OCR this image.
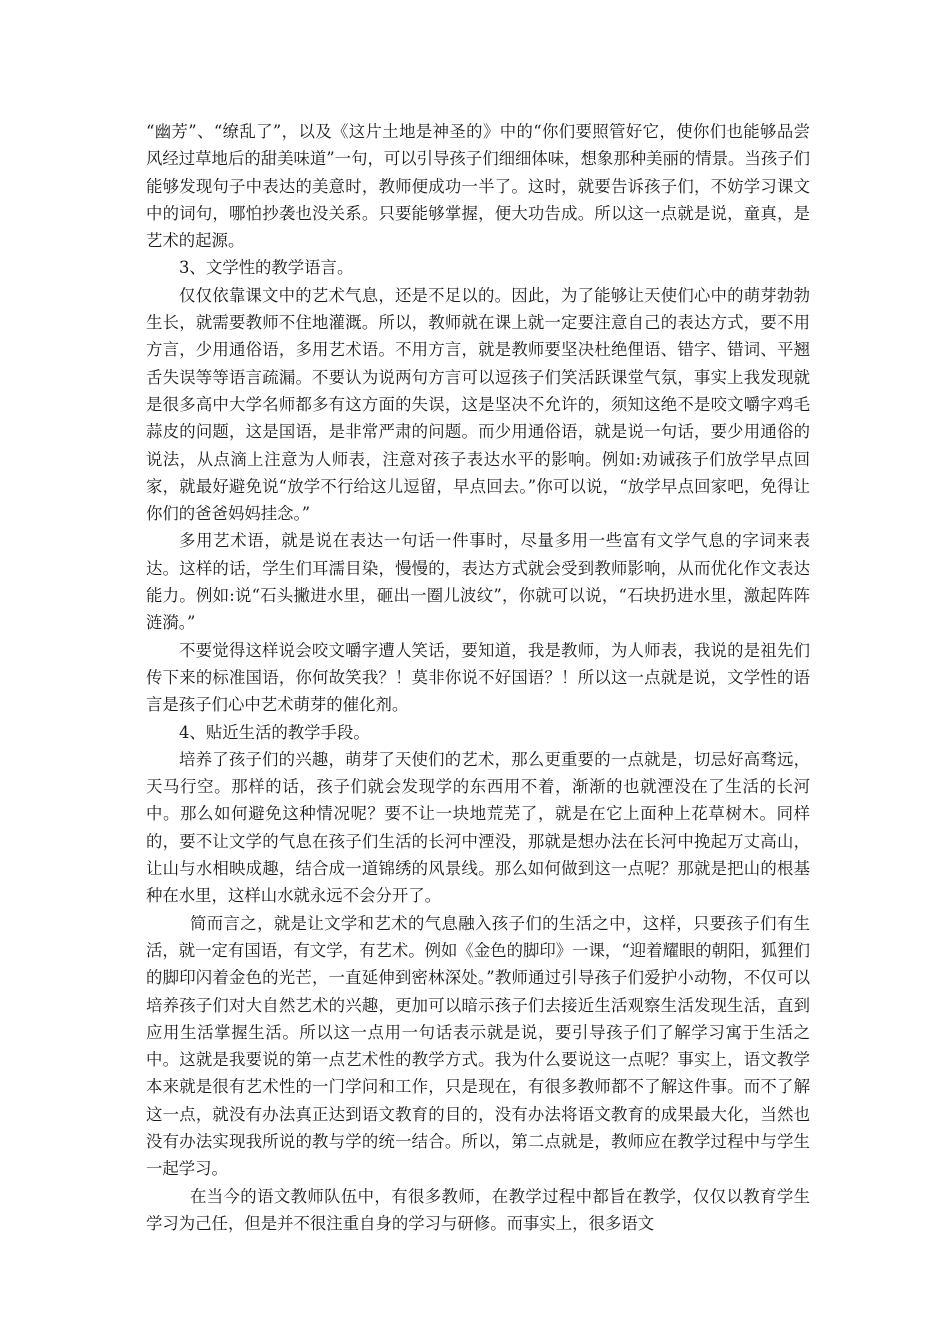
“幽芳”、“缭乱了”，以及《这片土地是神圣的》中的“你们要照管好它，使你们也能够品尝风经过草地后的甜美味道”一句，可以引导孩子们细细体味，想象那种美丽的情景。当孩子们能够发现句子中表达的美意时，教师便成功一半了。这时，就要告诉孩子们，不妨学习课文中的词句，哪怕抄袭也没关系。只要能够掌握，便大功告成。所以这一点就是说，童真，是艺术的起源。

3、文学性的教学语言。

仅仅依靠课文中的艺术气息，还是不足以的。因此，为了能够让天使们心中的萌芽勃勃生长，就需要教师不住地灌溉。所以，教师就在课上就一定要注意自己的表达方式，要不用方言，少用通俗语，多用艺术语。不用方言，就是教师要坚决杜绝俚语、错字、错词、平翘舌失误等等语言疏漏。不要认为说两句方言可以逗孩子们笑活跃课堂气氛，事实上我发现就是很多高中大学名师都多有这方面的失误，这是坚决不允许的，须知这绝不是咬文嚼字鸡毛蒜皮的问题，这是国语，是非常严肃的问题。而少用通俗语，就是说一句话，要少用通俗的说法，从点滴上注意为人师表，注意对孩子表达水平的影响。例如:劝诫孩子们放学早点回家，就最好避免说“放学不行给这儿逗留，早点回去。”你可以说，“放学早点回家吧，免得让你们的爸爸妈妈挂念。”

多用艺术语，就是说在表达一句话一件事时，尽量多用一些富有文学气息的字词来表达。这样的话，学生们耳濡目染，慢慢的，表达方式就会受到教师影响，从而优化作文表达能力。例如:说“石头撇进水里，砸出一圈儿波纹”，你就可以说，“石块扔进水里，激起阵阵涟漪。”

不要觉得这样说会咬文嚼字遭人笑话，要知道，我是教师，为人师表，我说的是祖先们传下来的标准国语，你何故笑我？！莫非你说不好国语？！所以这一点就是说，文学性的语言是孩子们心中艺术萌芽的催化剂。

4、贴近生活的教学手段。

培养了孩子们的兴趣，萌芽了天使们的艺术，那么更重要的一点就是，切忌好高骛远，天马行空。那样的话，孩子们就会发现学的东西用不着，渐渐的也就湮没在了生活的长河中。那么如何避免这种情况呢？要不让一块地荒芜了，就是在它上面种上花草树木。同样的，要不让文学的气息在孩子们生活的长河中湮没，那就是想办法在长河中挽起万丈高山，让山与水相映成趣，结合成一道锦绣的风景线。那么如何做到这一点呢？那就是把山的根基种在水里，这样山水就永远不会分开了。

简而言之，就是让文学和艺术的气息融入孩子们的生活之中，这样，只要孩子们有生活，就一定有国语，有文学，有艺术。例如《金色的脚印》一课，“迎着耀眼的朝阳，狐狸们的脚印闪着金色的光芒，一直延伸到密林深处。”教师通过引导孩子们爱护小动物，不仅可以培养孩子们对大自然艺术的兴趣，更加可以暗示孩子们去接近生活观察生活发现生活，直到应用生活掌握生活。所以这一点用一句话表示就是说，要引导孩子们了解学习寓于生活之中。这就是我要说的第一点艺术性的教学方式。我为什么要说这一点呢？事实上，语文教学本来就是很有艺术性的一门学问和工作，只是现在，有很多教师都不了解这件事。而不了解这一点，就没有办法真正达到语文教育的目的，没有办法将语文教育的成果最大化，当然也没有办法实现我所说的教与学的统一结合。所以，第二点就是，教师应在教学过程中与学生一起学习。

在当今的语文教师队伍中，有很多教师，在教学过程中都旨在教学，仅仅以教育学生学习为己任，但是并不很注重自身的学习与研修。而事实上，很多语文
